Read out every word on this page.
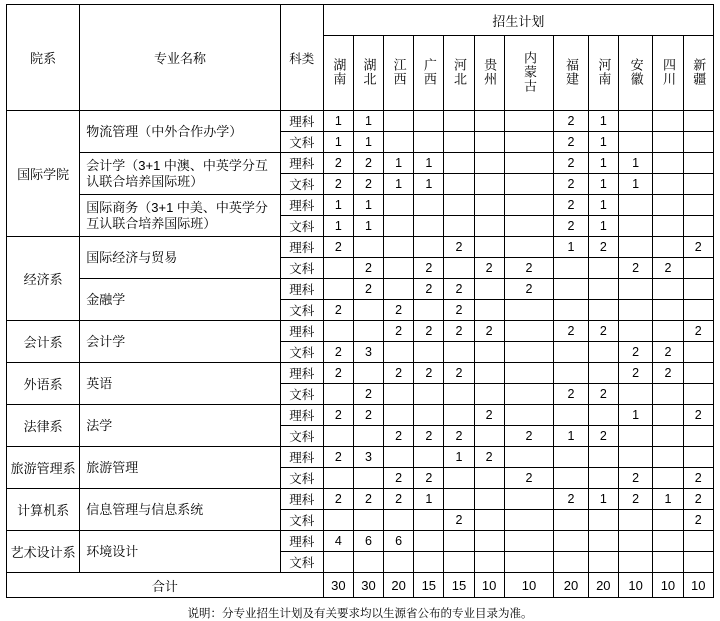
院系	专业名称	科类	招生计划											
			湖南	湖北	江西	广西	河北	贵州	内蒙古	福建	河南	安徽	四川	新疆
国际学院	物流管理（中外合作办学）	理科	1	1						2	1			
		文科	1	1						2	1			
	会计学（3+1 中澳、中英学分互认联合培养国际班）	理科	2	2	1	1				2	1	1		
		文科	2	2	1	1				2	1	1		
	国际商务（3+1 中美、中英学分互认联合培养国际班）	理科	1	1						2	1			
		文科	1	1						2	1			
经济系	国际经济与贸易	理科	2				2			1	2			2
		文科		2		2		2	2			2	2	
	金融学	理科		2		2	2		2					
		文科	2		2		2							
会计系	会计学	理科			2	2	2	2		2	2			2
		文科	2	3								2	2	
外语系	英语	理科	2		2	2	2					2	2	
		文科		2						2	2			
法律系	法学	理科	2	2				2				1		2
		文科			2	2	2		2	1	2			
旅游管理系	旅游管理	理科	2	3			1	2						
		文科			2	2			2			2		2
计算机系	信息管理与信息系统	理科	2	2	2	1				2	1	2	1	2
		文科					2							2
艺术设计系	环境设计	理科	4	6	6									
		文科												
合计			30	30	20	15	15	10	10	20	20	10	10	10
说明：分专业招生计划及有关要求均以生源省公布的专业目录为准。
